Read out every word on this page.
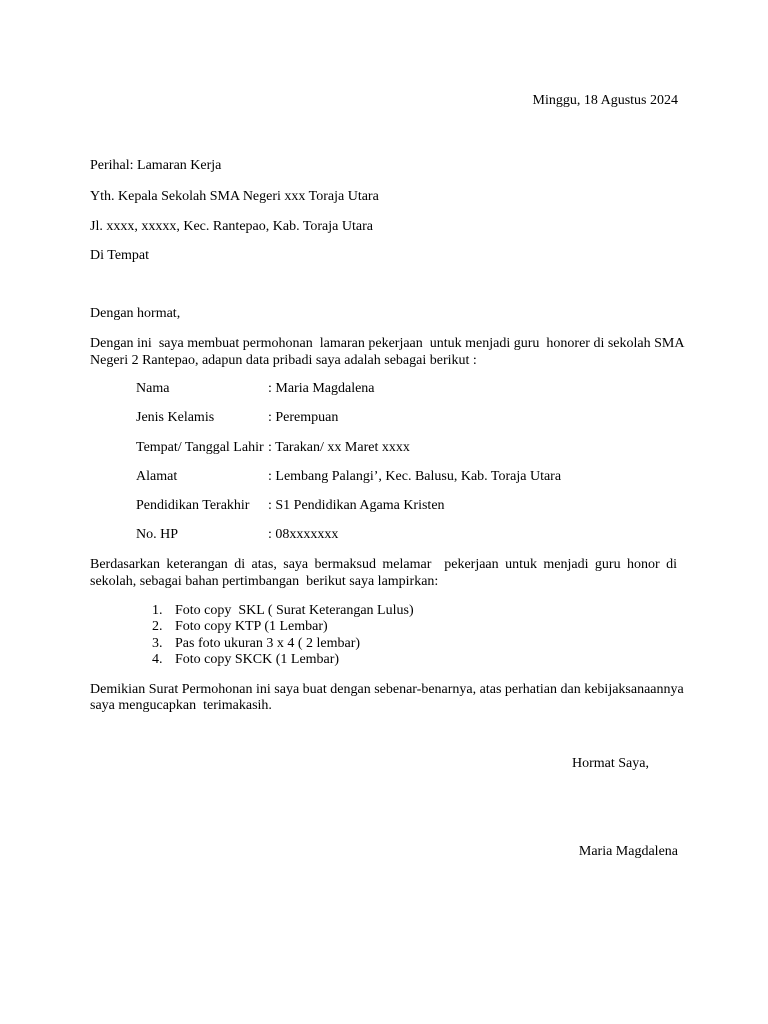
Minggu, 18 Agustus 2024
Perihal: Lamaran Kerja
Yth. Kepala Sekolah SMA Negeri xxx Toraja Utara
Jl. xxxx, xxxxx, Kec. Rantepao, Kab. Toraja Utara
Di Tempat
Dengan hormat,
Dengan ini  saya membuat permohonan  lamaran pekerjaan  untuk menjadi guru  honorer di sekolah SMA
Negeri 2 Rantepao, adapun data pribadi saya adalah sebagai berikut :
Nama	: Maria Magdalena
Jenis Kelamis	: Perempuan
Tempat/ Tanggal Lahir : Tarakan/ xx Maret xxxx
Alamat	: Lembang Palangi’, Kec. Balusu, Kab. Toraja Utara
Pendidikan Terakhir : S1 Pendidikan Agama Kristen
No. HP	: 08xxxxxxx
Berdasarkan keterangan di atas, saya bermaksud melamar  pekerjaan untuk menjadi guru honor di
sekolah, sebagai bahan pertimbangan  berikut saya lampirkan:
1. Foto copy  SKL ( Surat Keterangan Lulus)
2. Foto copy KTP (1 Lembar)
3. Pas foto ukuran 3 x 4 ( 2 lembar)
4. Foto copy SKCK (1 Lembar)
Demikian Surat Permohonan ini saya buat dengan sebenar-benarnya, atas perhatian dan kebijaksanaannya
saya mengucapkan  terimakasih.
Hormat Saya,
Maria Magdalena
